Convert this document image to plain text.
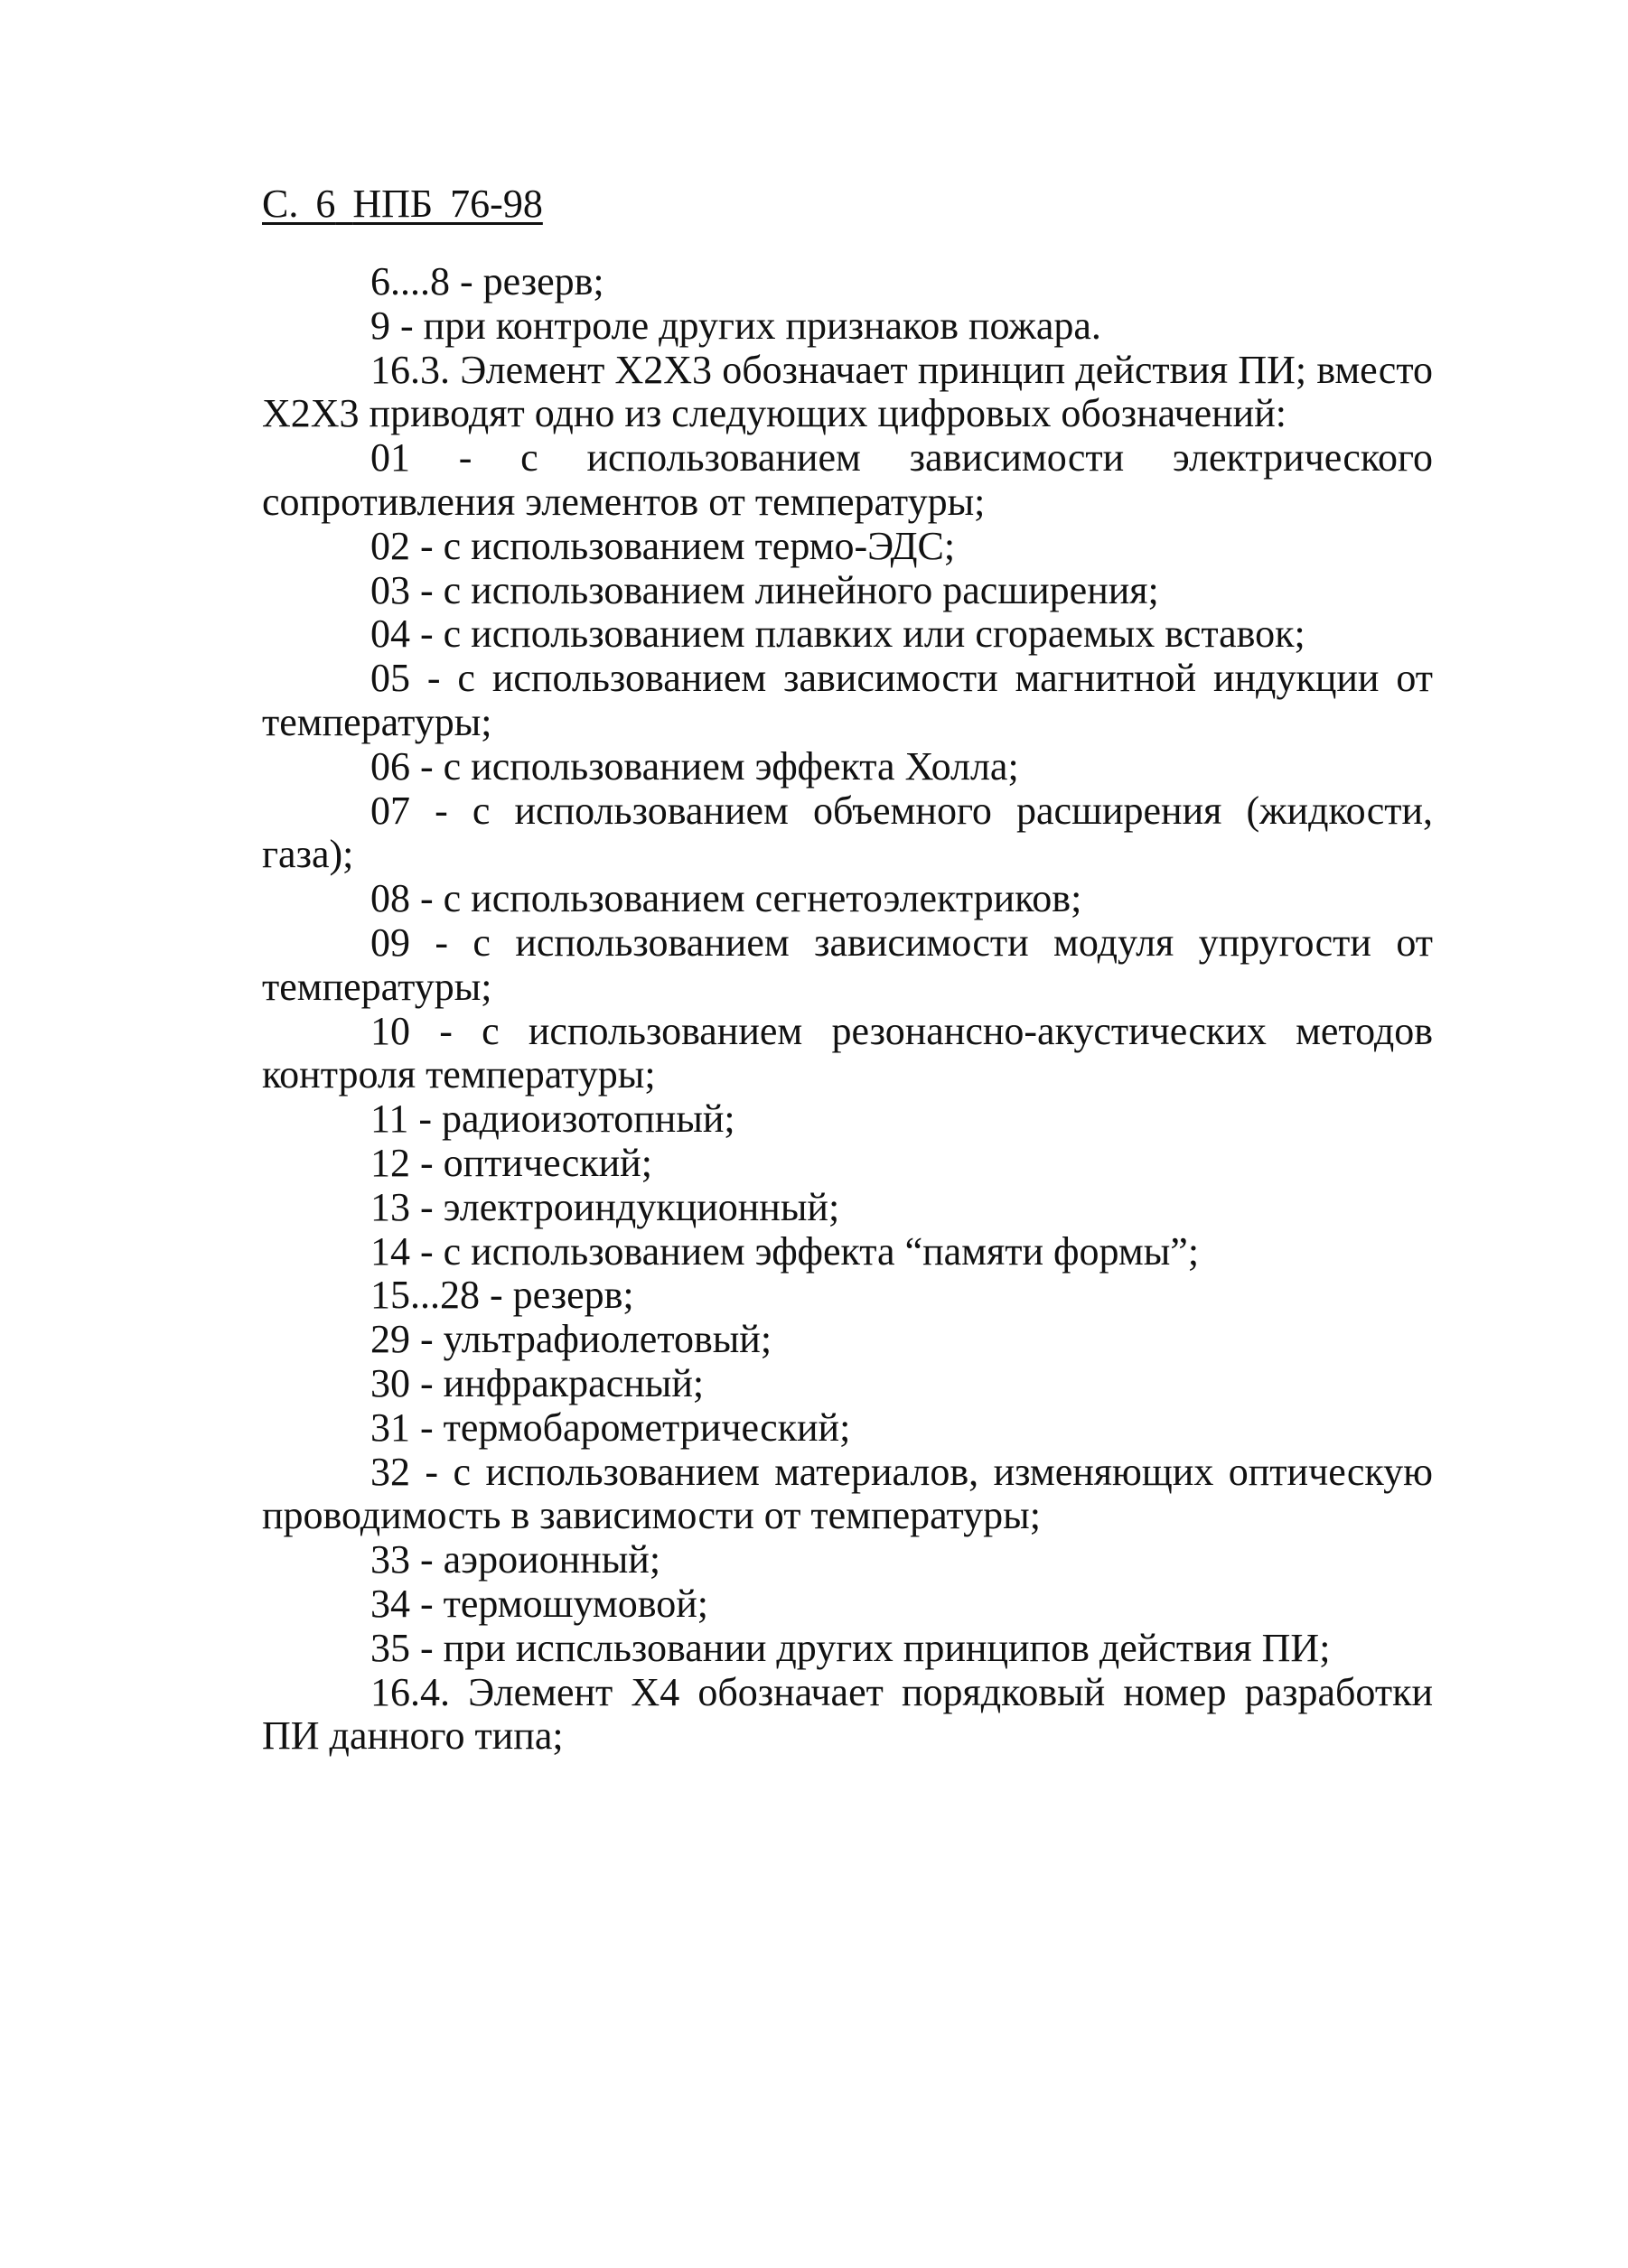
С. 6 НПБ 76-98

6....8 - резерв;

9 - при контроле других признаков пожара.

16.3. Элемент Х2Х3 обозначает принцип действия ПИ; вместо Х2Х3 приводят одно из следующих цифровых обозначений:

01 - с использованием зависимости электрического сопротивления элементов от температуры;

02 - с использованием термо-ЭДС;

03 - с использованием линейного расширения;

04 - с использованием плавких или сгораемых вставок;

05 - с использованием зависимости магнитной индукции от температуры;

06 - с использованием эффекта Холла;

07 - с использованием объемного расширения (жидкости, газа);

08 - с использованием сегнетоэлектриков;

09 - с использованием зависимости модуля упругости от температуры;

10 - с использованием резонансно-акустических методов контроля температуры;

11 - радиоизотопный;

12 - оптический;

13 - электроиндукционный;

14 - с использованием эффекта “памяти формы”;

15...28 - резерв;

29 - ультрафиолетовый;

30 - инфракрасный;

31 - термобарометрический;

32 - с использованием материалов, изменяющих оптическую проводимость в зависимости от температуры;

33 - аэроионный;

34 - термошумовой;

35 - при испсльзовании других принципов действия ПИ;

16.4. Элемент Х4 обозначает порядковый номер разработки ПИ данного типа;
